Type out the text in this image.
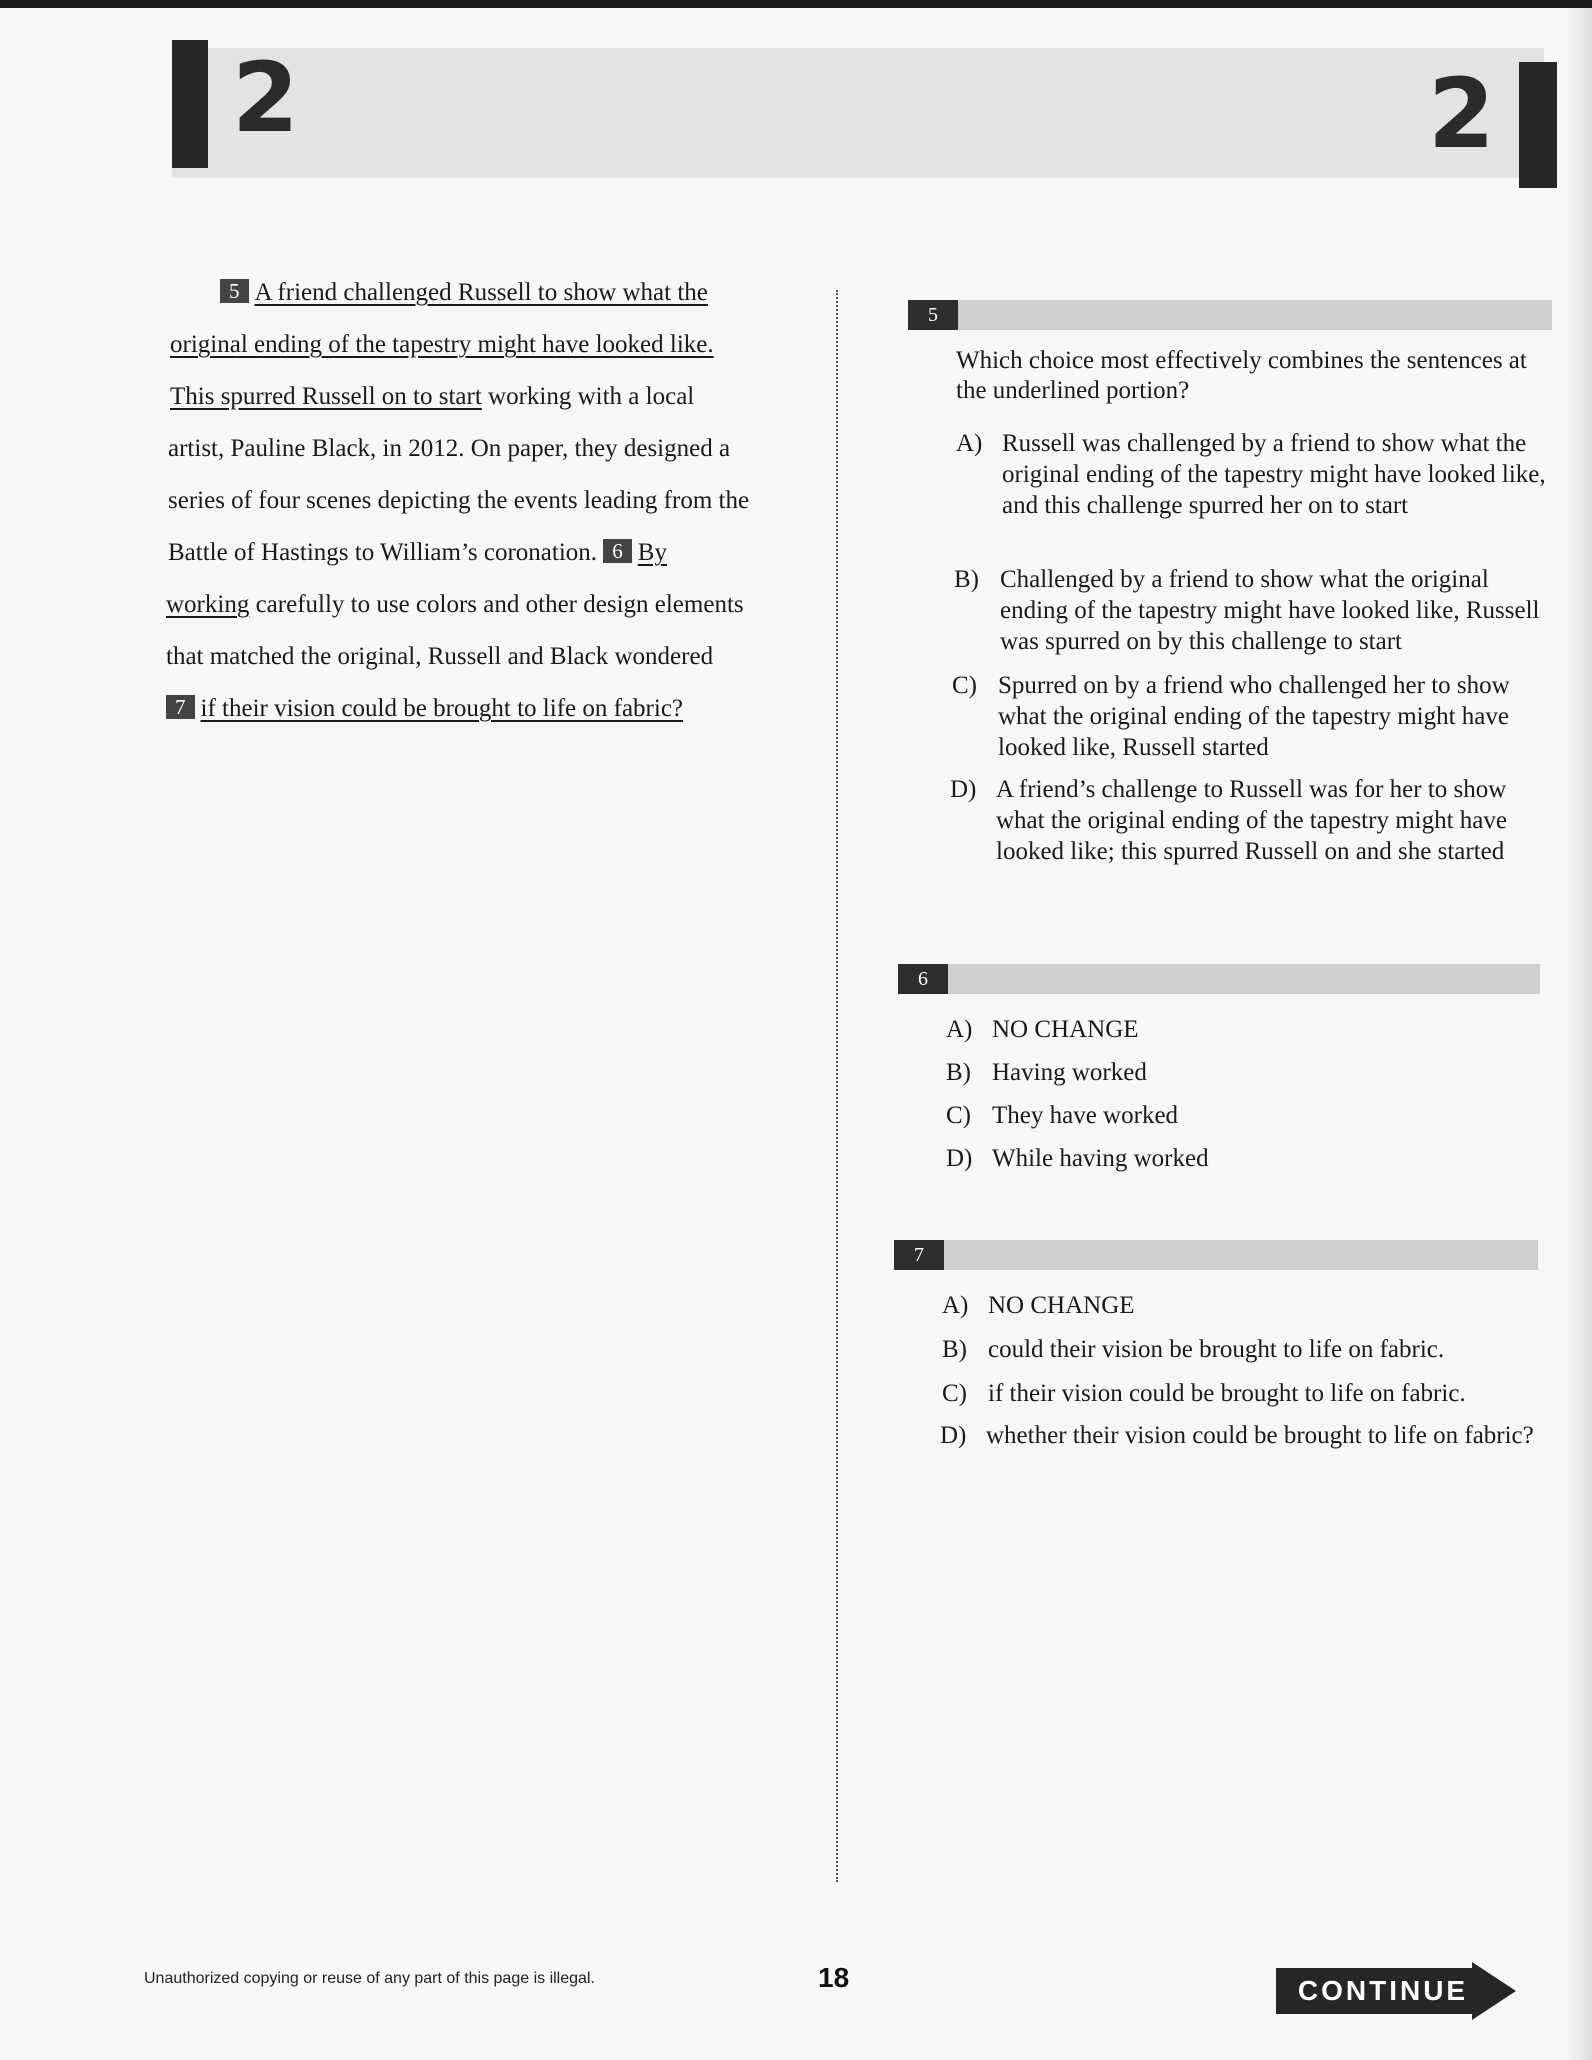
2	2
5 A friend challenged Russell to show what the
original ending of the tapestry might have looked like.
This spurred Russell on to start working with a local
artist, Pauline Black, in 2012. On paper, they designed a
series of four scenes depicting the events leading from the
Battle of Hastings to William’s coronation. 6 By
working carefully to use colors and other design elements
that matched the original, Russell and Black wondered
7 if their vision could be brought to life on fabric?
5
Which choice most effectively combines the sentences at the underlined portion?
A) Russell was challenged by a friend to show what the original ending of the tapestry might have looked like, and this challenge spurred her on to start
B) Challenged by a friend to show what the original ending of the tapestry might have looked like, Russell was spurred on by this challenge to start
C) Spurred on by a friend who challenged her to show what the original ending of the tapestry might have looked like, Russell started
D) A friend’s challenge to Russell was for her to show what the original ending of the tapestry might have looked like; this spurred Russell on and she started
6
A) NO CHANGE
B) Having worked
C) They have worked
D) While having worked
7
A) NO CHANGE
B) could their vision be brought to life on fabric.
C) if their vision could be brought to life on fabric.
D) whether their vision could be brought to life on fabric?
Unauthorized copying or reuse of any part of this page is illegal.	18	CONTINUE
